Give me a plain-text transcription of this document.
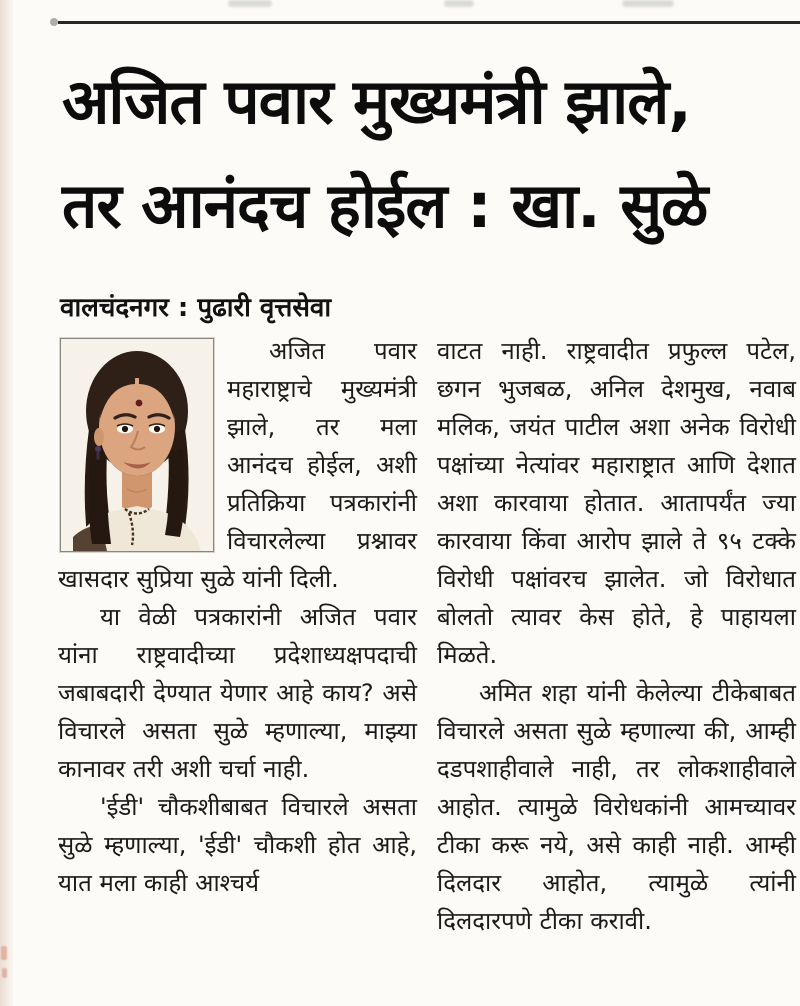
अजित पवार मुख्यमंत्री झाले,
तर आनंदच होईल : खा. सुळे
वालचंदनगर : पुढारी वृत्तसेवा

अजित पवार महाराष्ट्राचे मुख्यमंत्री झाले, तर मला आनंदच होईल, अशी प्रतिक्रिया पत्रकारांनी विचारलेल्या प्रश्नावर खासदार सुप्रिया सुळे यांनी दिली.

या वेळी पत्रकारांनी अजित पवार यांना राष्ट्रवादीच्या प्रदेशाध्यक्षपदाची जबाबदारी देण्यात येणार आहे काय? असे विचारले असता सुळे म्हणाल्या, माझ्या कानावर तरी अशी चर्चा नाही.

'ईडी' चौकशीबाबत विचारले असता सुळे म्हणाल्या, 'ईडी' चौकशी होत आहे, यात मला काही आश्चर्य

वाटत नाही. राष्ट्रवादीत प्रफुल्ल पटेल, छगन भुजबळ, अनिल देशमुख, नवाब मलिक, जयंत पाटील अशा अनेक विरोधी पक्षांच्या नेत्यांवर महाराष्ट्रात आणि देशात अशा कारवाया होतात. आतापर्यंत ज्या कारवाया किंवा आरोप झाले ते ९५ टक्के विरोधी पक्षांवरच झालेत. जो विरोधात बोलतो त्यावर केस होते, हे पाहायला मिळते.

अमित शहा यांनी केलेल्या टीकेबाबत विचारले असता सुळे म्हणाल्या की, आम्ही दडपशाहीवाले नाही, तर लोकशाहीवाले आहोत. त्यामुळे विरोधकांनी आमच्यावर टीका करू नये, असे काही नाही. आम्ही दिलदार आहोत, त्यामुळे त्यांनी दिलदारपणे टीका करावी.
